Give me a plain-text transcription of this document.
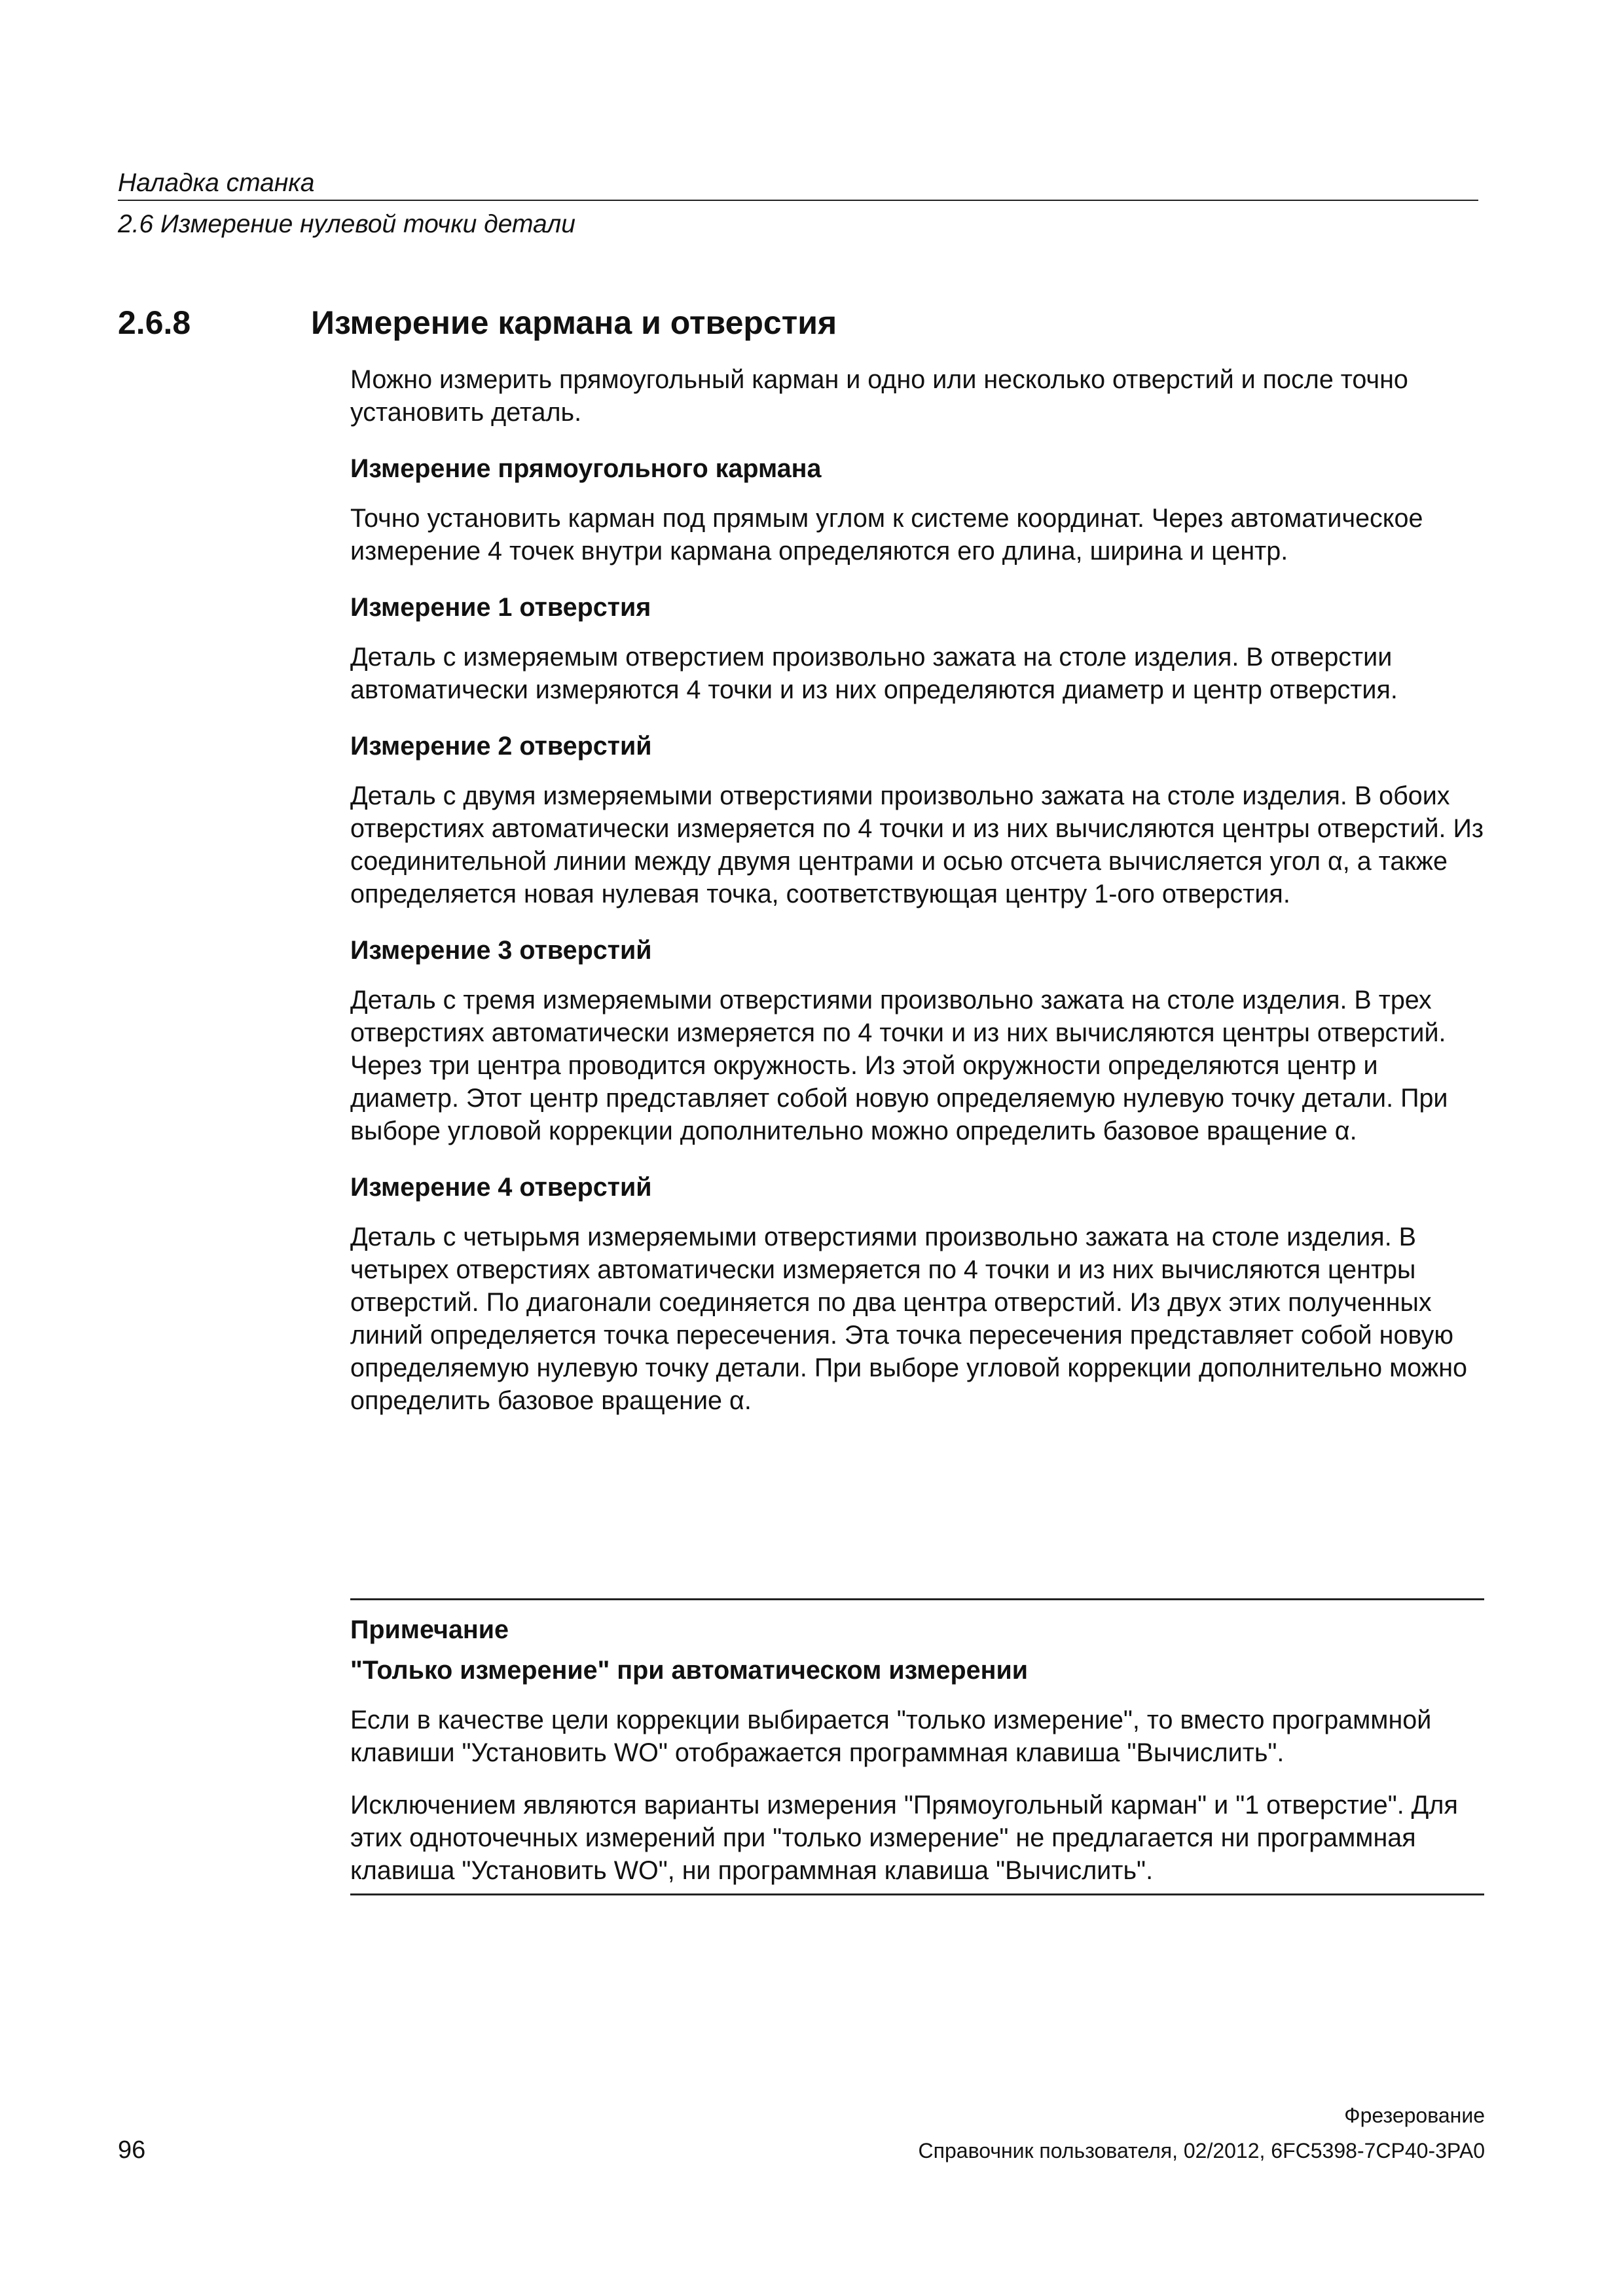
Наладка станка
2.6 Измерение нулевой точки детали
2.6.8	Измерение кармана и отверстия

Можно измерить прямоугольный карман и одно или несколько отверстий и после точно установить деталь.

Измерение прямоугольного кармана

Точно установить карман под прямым углом к системе координат. Через автоматическое измерение 4 точек внутри кармана определяются его длина, ширина и центр.

Измерение 1 отверстия

Деталь с измеряемым отверстием произвольно зажата на столе изделия. В отверстии автоматически измеряются 4 точки и из них определяются диаметр и центр отверстия.

Измерение 2 отверстий

Деталь с двумя измеряемыми отверстиями произвольно зажата на столе изделия. В обоих отверстиях автоматически измеряется по 4 точки и из них вычисляются центры отверстий. Из соединительной линии между двумя центрами и осью отсчета вычисляется угол α, а также определяется новая нулевая точка, соответствующая центру 1-ого отверстия.

Измерение 3 отверстий

Деталь с тремя измеряемыми отверстиями произвольно зажата на столе изделия. В трех отверстиях автоматически измеряется по 4 точки и из них вычисляются центры отверстий. Через три центра проводится окружность. Из этой окружности определяются центр и диаметр. Этот центр представляет собой новую определяемую нулевую точку детали. При выборе угловой коррекции дополнительно можно определить базовое вращение α.

Измерение 4 отверстий

Деталь с четырьмя измеряемыми отверстиями произвольно зажата на столе изделия. В четырех отверстиях автоматически измеряется по 4 точки и из них вычисляются центры отверстий. По диагонали соединяется по два центра отверстий. Из двух этих полученных линий определяется точка пересечения. Эта точка пересечения представляет собой новую определяемую нулевую точку детали. При выборе угловой коррекции дополнительно можно определить базовое вращение α.

Примечание

"Только измерение" при автоматическом измерении

Если в качестве цели коррекции выбирается "только измерение", то вместо программной клавиши "Установить WO" отображается программная клавиша "Вычислить".

Исключением являются варианты измерения "Прямоугольный карман" и "1 отверстие". Для этих одноточечных измерений при "только измерение" не предлагается ни программная клавиша "Установить WO", ни программная клавиша "Вычислить".

Фрезерование
96	Справочник пользователя, 02/2012, 6FC5398-7CP40-3PA0
